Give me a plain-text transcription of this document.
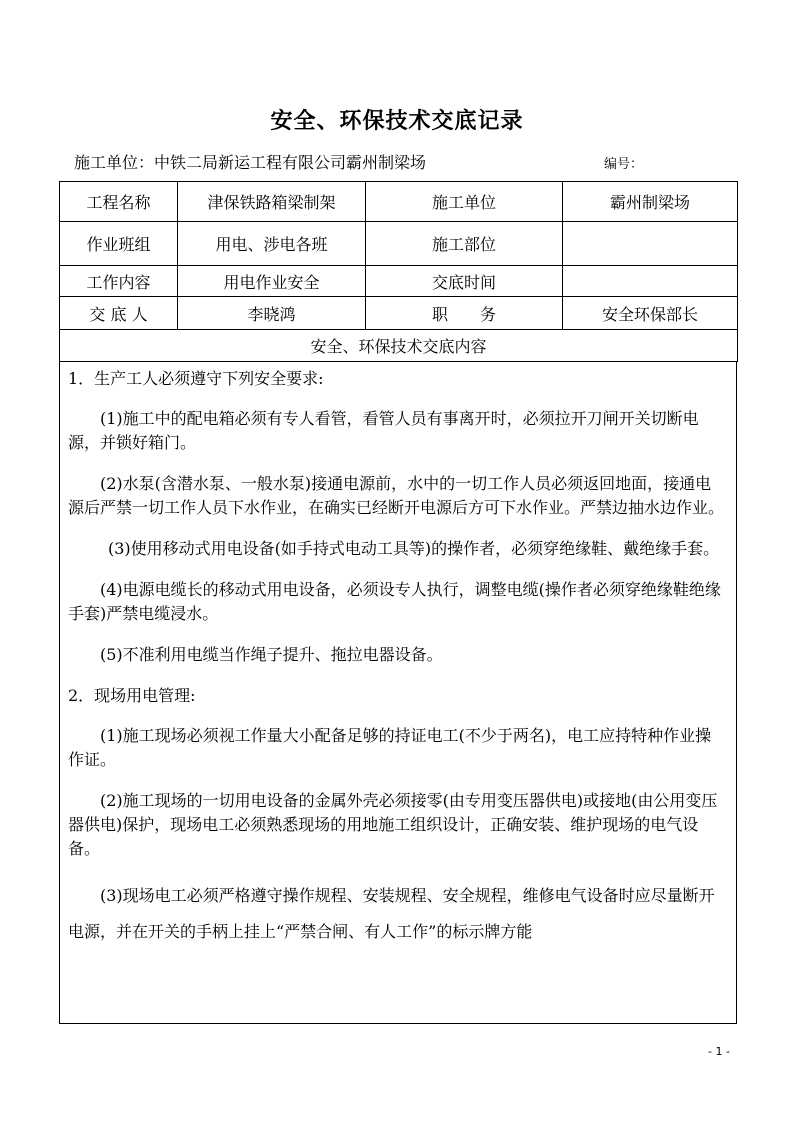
安全、环保技术交底记录
施工单位：中铁二局新运工程有限公司霸州制梁场	编号：
工程名称	津保铁路箱梁制架	施工单位	霸州制梁场
作业班组	用电、涉电各班	施工部位	
工作内容	用电作业安全	交底时间	
交 底 人	李晓鸿	职　　务	安全环保部长
安全、环保技术交底内容			

1．生产工人必须遵守下列安全要求:

(1)施工中的配电箱必须有专人看管，看管人员有事离开时，必须拉开刀闸开关切断电源，并锁好箱门。

(2)水泵(含潜水泵、一般水泵)接通电源前，水中的一切工作人员必须返回地面，接通电源后严禁一切工作人员下水作业，在确实已经断开电源后方可下水作业。严禁边抽水边作业。

(3)使用移动式用电设备(如手持式电动工具等)的操作者，必须穿绝缘鞋、戴绝缘手套。

(4)电源电缆长的移动式用电设备，必须设专人执行，调整电缆(操作者必须穿绝缘鞋绝缘手套)严禁电缆浸水。

(5)不准利用电缆当作绳子提升、拖拉电器设备。

2．现场用电管理:

(1)施工现场必须视工作量大小配备足够的持证电工(不少于两名)，电工应持特种作业操作证。

(2)施工现场的一切用电设备的金属外壳必须接零(由专用变压器供电)或接地(由公用变压器供电)保护，现场电工必须熟悉现场的用地施工组织设计，正确安装、维护现场的电气设备。

(3)现场电工必须严格遵守操作规程、安装规程、安全规程，维修电气设备时应尽量断开电源，并在开关的手柄上挂上“严禁合闸、有人工作”的标示牌方能

- 1 -
